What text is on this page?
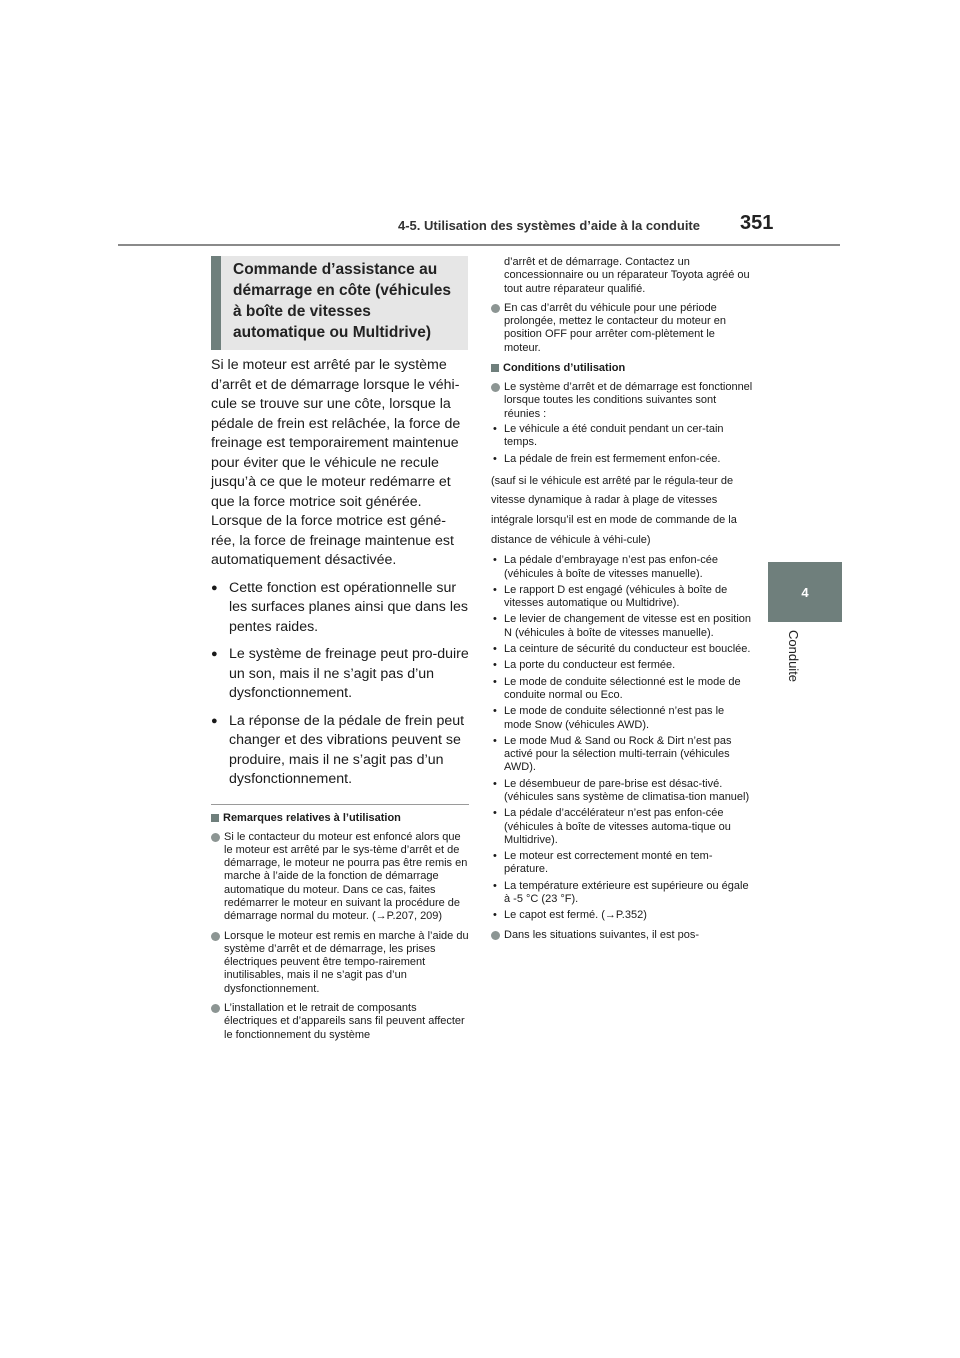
4-5. Utilisation des systèmes d’aide à la conduite 351
4
Conduite

Commande d’assistance au démarrage en côte (véhicules à boîte de vitesses automatique ou Multidrive)

Si le moteur est arrêté par le système d’arrêt et de démarrage lorsque le véhi-cule se trouve sur une côte, lorsque la pédale de frein est relâchée, la force de freinage est temporairement maintenue pour éviter que le véhicule ne recule jusqu’à ce que le moteur redémarre et que la force motrice soit générée. Lorsque de la force motrice est géné-rée, la force de freinage maintenue est automatiquement désactivée.

● Cette fonction est opérationnelle sur les surfaces planes ainsi que dans les pentes raides.
● Le système de freinage peut pro-duire un son, mais il ne s’agit pas d’un dysfonctionnement.
● La réponse de la pédale de frein peut changer et des vibrations peuvent se produire, mais il ne s’agit pas d’un dysfonctionnement.

Remarques relatives à l’utilisation

Si le contacteur du moteur est enfoncé alors que le moteur est arrêté par le sys-tème d’arrêt et de démarrage, le moteur ne pourra pas être remis en marche à l’aide de la fonction de démarrage automatique du moteur. Dans ce cas, faites redémarrer le moteur en suivant la procédure de démarrage normal du moteur. (→P.207, 209)
Lorsque le moteur est remis en marche à l’aide du système d’arrêt et de démarrage, les prises électriques peuvent être tempo-rairement inutilisables, mais il ne s’agit pas d’un dysfonctionnement.
L’installation et le retrait de composants électriques et d’appareils sans fil peuvent affecter le fonctionnement du système

d’arrêt et de démarrage. Contactez un concessionnaire ou un réparateur Toyota agréé ou tout autre réparateur qualifié.

En cas d’arrêt du véhicule pour une période prolongée, mettez le contacteur du moteur en position OFF pour arrêter com-plètement le moteur.

Conditions d’utilisation

Le système d’arrêt et de démarrage est fonctionnel lorsque toutes les conditions suivantes sont réunies :
• Le véhicule a été conduit pendant un cer-tain temps.
• La pédale de frein est fermement enfon-cée.

(sauf si le véhicule est arrêté par le régula-teur de vitesse dynamique à radar à plage de vitesses intégrale lorsqu’il est en mode de commande de la distance de véhicule à véhi-cule)

• La pédale d’embrayage n’est pas enfon-cée (véhicules à boîte de vitesses manuelle).
• Le rapport D est engagé (véhicules à boîte de vitesses automatique ou Multidrive).
• Le levier de changement de vitesse est en position N (véhicules à boîte de vitesses manuelle).
• La ceinture de sécurité du conducteur est bouclée.
• La porte du conducteur est fermée.
• Le mode de conduite sélectionné est le mode de conduite normal ou Eco.
• Le mode de conduite sélectionné n’est pas le mode Snow (véhicules AWD).
• Le mode Mud & Sand ou Rock & Dirt n’est pas activé pour la sélection multi-terrain (véhicules AWD).
• Le désembueur de pare-brise est désac-tivé. (véhicules sans système de climatisa-tion manuel)
• La pédale d’accélérateur n’est pas enfon-cée (véhicules à boîte de vitesses automa-tique ou Multidrive).
• Le moteur est correctement monté en tem-pérature.
• La température extérieure est supérieure ou égale à -5 °C (23 °F).
• Le capot est fermé. (→P.352)
Dans les situations suivantes, il est pos-
